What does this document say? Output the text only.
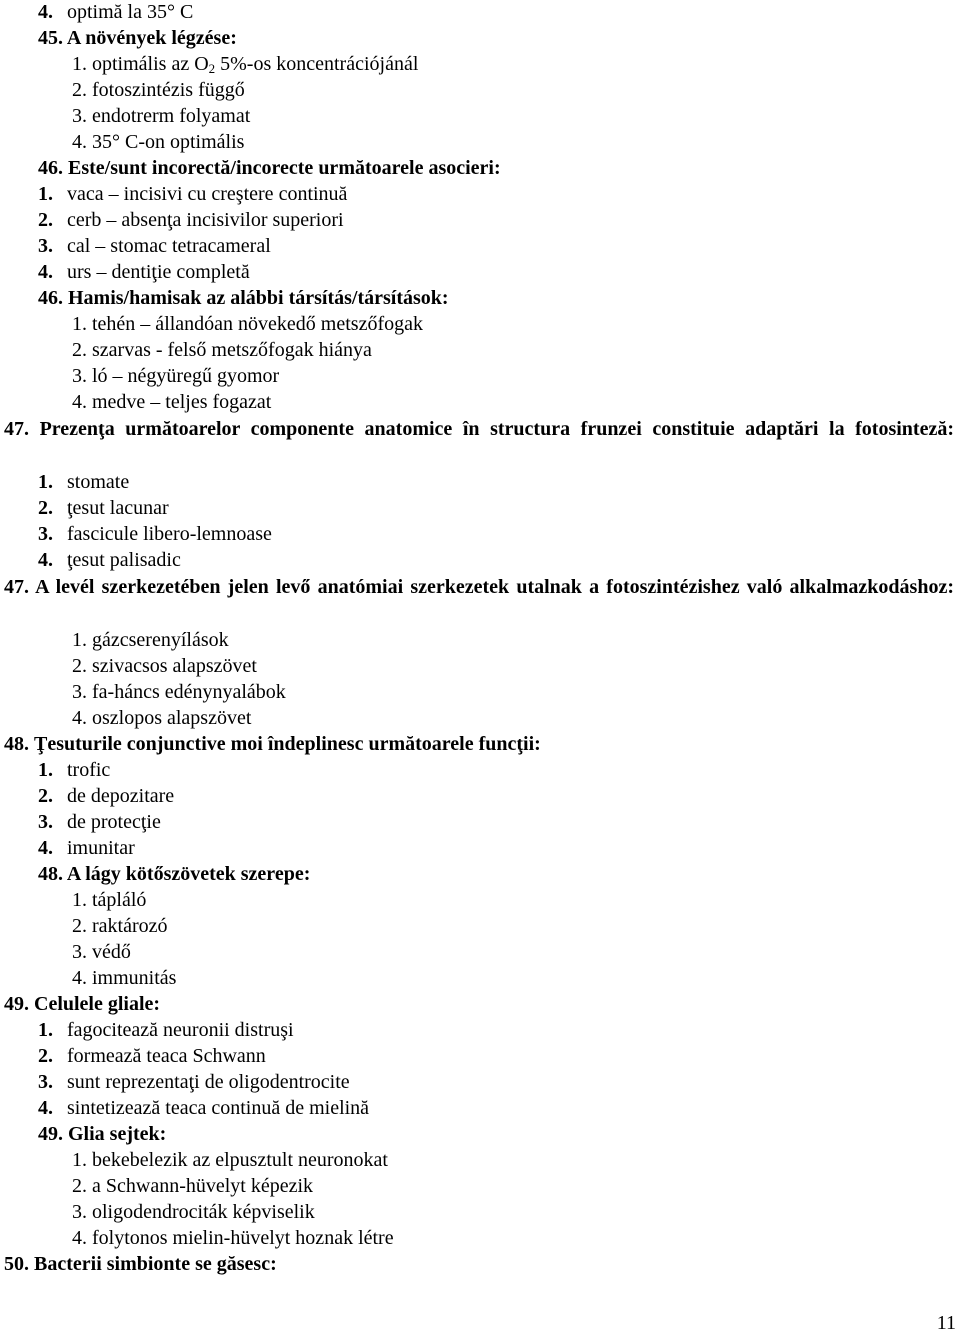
4. optimă la 35° C
45. A növények légzése:
1. optimális az $O_2$ 5%-os koncentrációjánál
2. fotoszintézis függő
3. endotrerm folyamat
4. 35° C-on optimális
46. Este/sunt incorectă/incorecte următoarele asocieri:
1. vaca – incisivi cu creştere continuă
2. cerb – absenţa incisivilor superiori
3. cal – stomac tetracameral
4. urs – dentiţie completă
46. Hamis/hamisak az alábbi társítás/társítások:
1. tehén – állandóan növekedő metszőfogak
2. szarvas - felső metszőfogak hiánya
3. ló – négyüregű gyomor
4. medve – teljes fogazat
47. Prezenţa următoarelor componente anatomice în structura frunzei constituie adaptări la fotosinteză:
1. stomate
2. ţesut lacunar
3. fascicule libero-lemnoase
4. ţesut palisadic
47. A levél szerkezetében jelen levő anatómiai szerkezetek utalnak a fotoszintézishez való alkalmazkodáshoz:
1. gázcserenyílások
2. szivacsos alapszövet
3. fa-háncs edénynyalábok
4. oszlopos alapszövet
48. Ţesuturile conjunctive moi îndeplinesc următoarele funcţii:
1. trofic
2. de depozitare
3. de protecţie
4. imunitar
48. A lágy kötőszövetek szerepe:
1. tápláló
2. raktározó
3. védő
4. immunitás
49. Celulele gliale:
1. fagocitează neuronii distruşi
2. formează teaca Schwann
3. sunt reprezentaţi de oligodentrocite
4. sintetizează teaca continuă de mielină
49. Glia sejtek:
1. bekebelezik az elpusztult neuronokat
2. a Schwann-hüvelyt képezik
3. oligodendrociták képviselik
4. folytonos mielin-hüvelyt hoznak létre
50. Bacterii simbionte se găsesc:
11
